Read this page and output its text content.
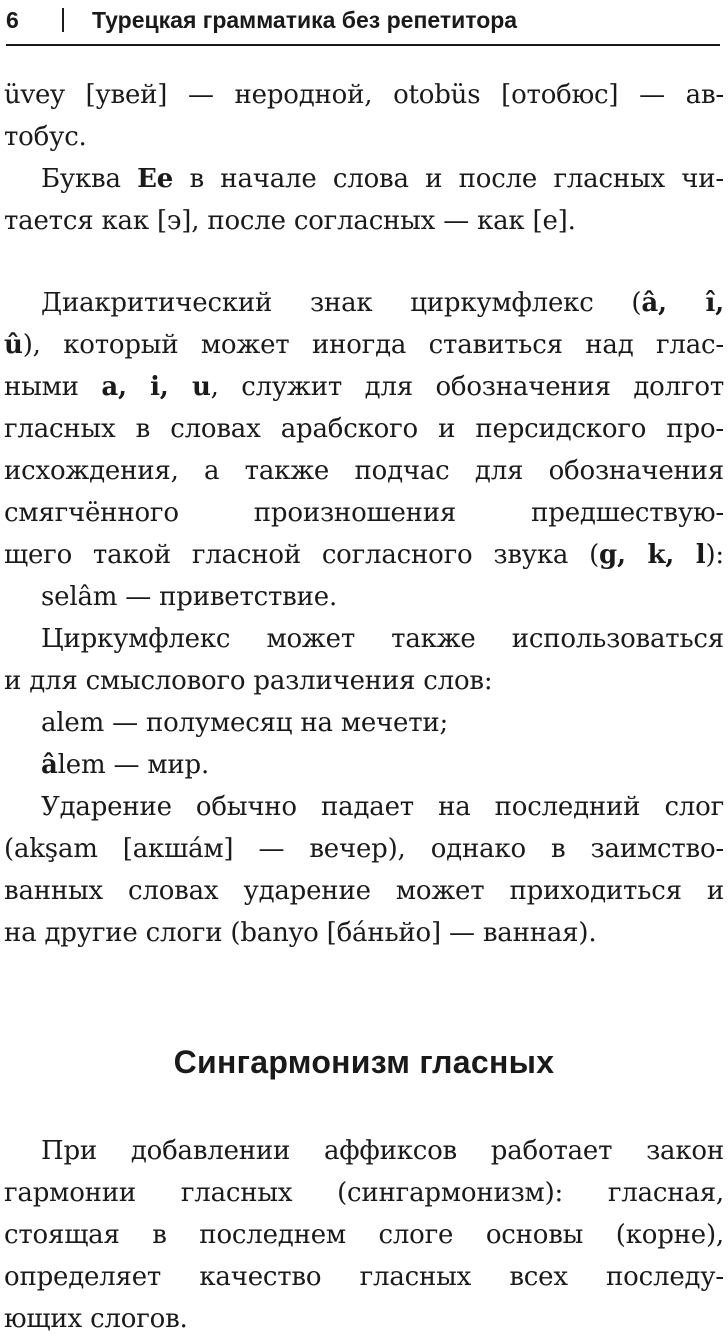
6	Турецкая грамматика без репетитора
üvey [увей] — неродной, otobüs [отобюс] — ав-
тобус.
Буква Ee в начале слова и после гласных чи-
тается как [э], после согласных — как [е].
Диакритический знак циркумфлекс (â, î,
û), который может иногда ставиться над глас-
ными a, i, u, служит для обозначения долгот
гласных в словах арабского и персидского про-
исхождения, а также подчас для обозначения
смягчённого произношения предшествую-
щего такой гласной согласного звука (g, k, l):
selâm — приветствие.
Циркумфлекс может также использоваться
и для смыслового различения слов:
alem — полумесяц на мечети;
âlem — мир.
Ударение обычно падает на последний слог
(akşam [акша́м] — вечер), однако в заимство-
ванных словах ударение может приходиться и
на другие слоги (banyo [ба́ньйо] — ванная).
Сингармонизм гласных
При добавлении аффиксов работает закон
гармонии гласных (сингармонизм): гласная,
стоящая в последнем слоге основы (корне),
определяет качество гласных всех последу-
ющих слогов.
